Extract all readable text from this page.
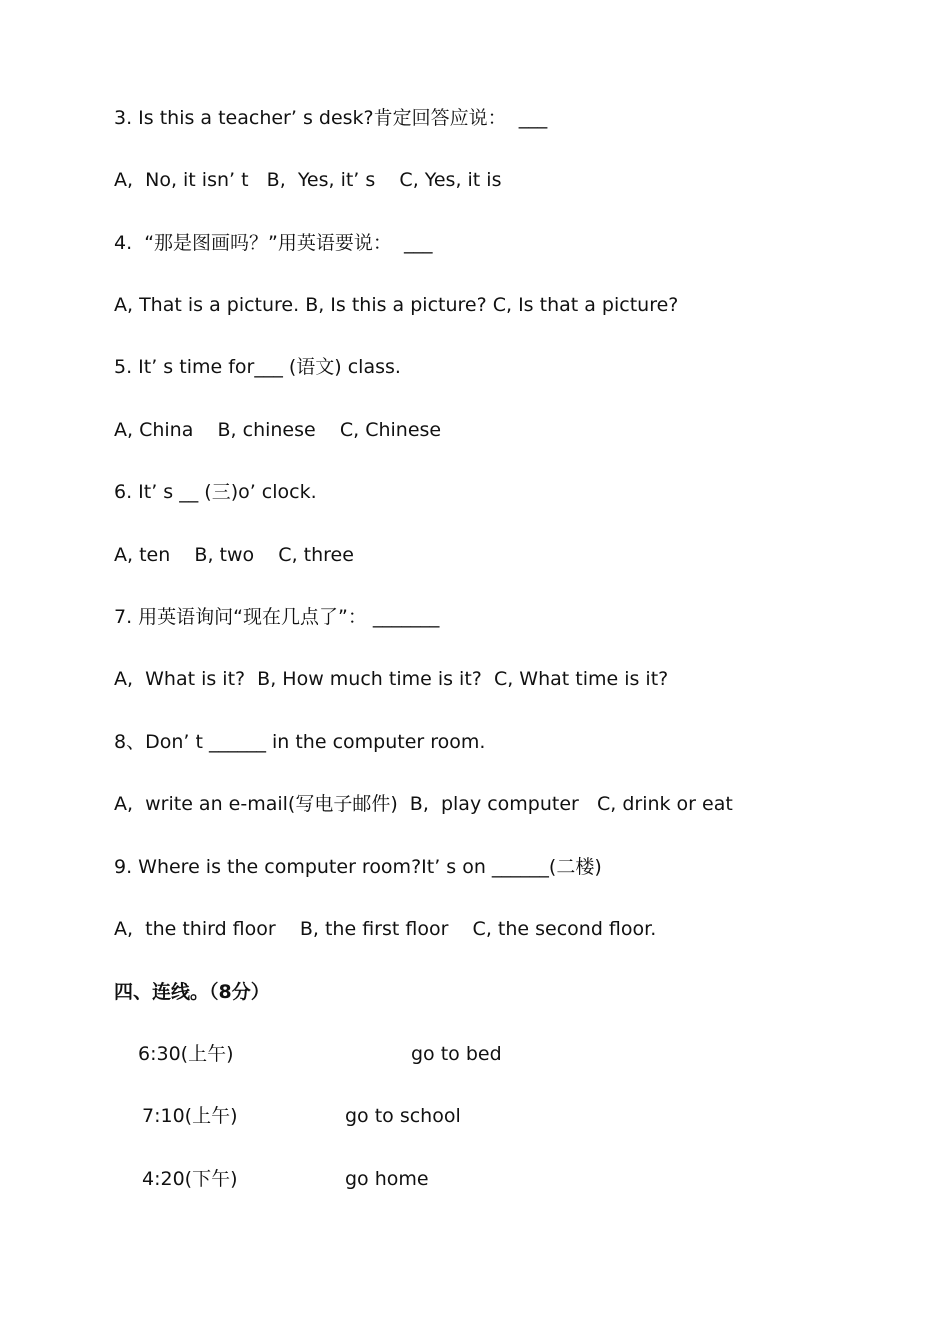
3. Is this a teacher’ s desk?肯定回答应说：  ___
A,  No, it isn’ t   B,  Yes, it’ s    C, Yes, it is
4.  “那是图画吗？”用英语要说：  ___
A, That is a picture. B, Is this a picture? C, Is that a picture?
5. It’ s time for___ (语文) class.
A, China    B, chinese    C, Chinese
6. It’ s __ (三)o’ clock.
A, ten    B, two    C, three
7. 用英语询问“现在几点了”： _______
A,  What is it?  B, How much time is it?  C, What time is it?
8、Don’ t ______ in the computer room.
A,  write an e-mail(写电子邮件)  B,  play computer   C, drink or eat
9. Where is the computer room?It’ s on ______(二楼)
A,  the third floor    B, the first floor    C, the second floor.
四、连线。（8分）
6:30(上午)	go to bed
7:10(上午)	go to school
4:20(下午)	go home
